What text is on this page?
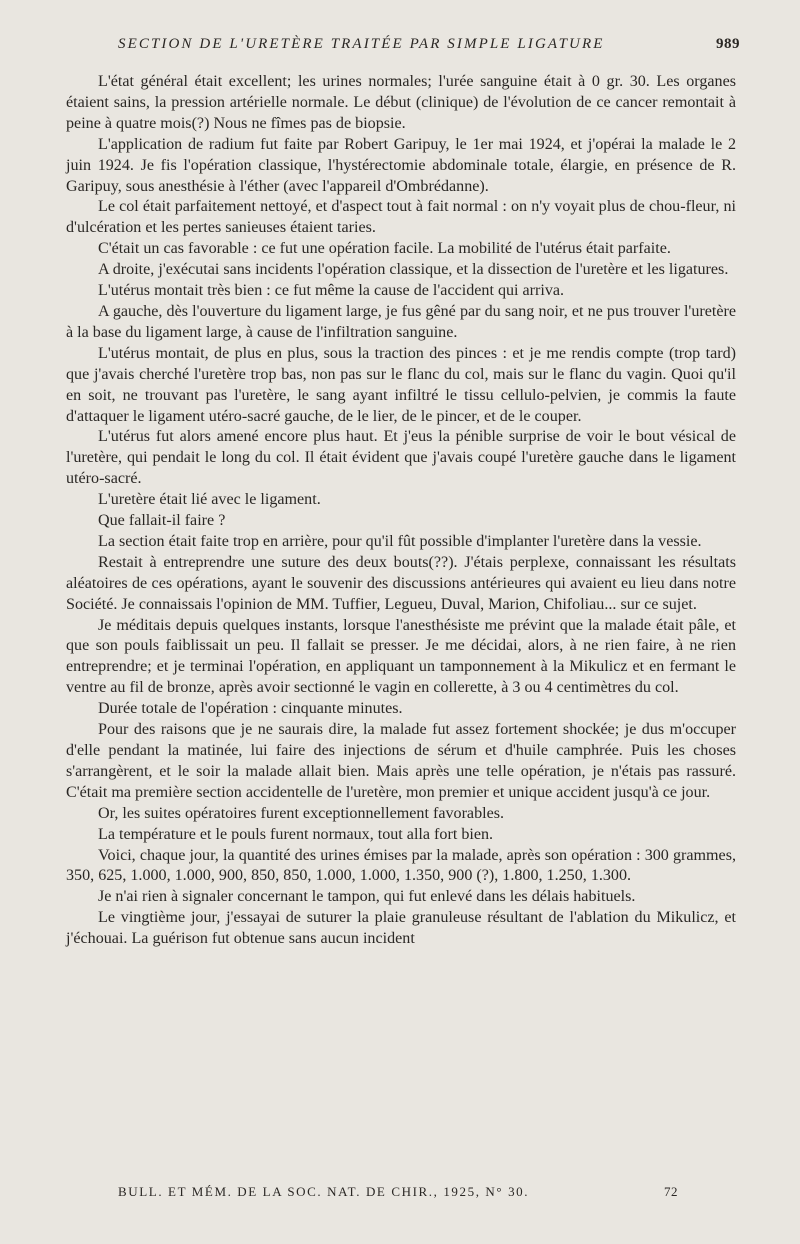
SECTION DE L'URETÈRE TRAITÉE PAR SIMPLE LIGATURE	989

L'état général était excellent; les urines normales; l'urée sanguine était à 0 gr. 30. Les organes étaient sains, la pression artérielle normale. Le début (clinique) de l'évolution de ce cancer remontait à peine à quatre mois(?) Nous ne fîmes pas de biopsie.

L'application de radium fut faite par Robert Garipuy, le 1er mai 1924, et j'opérai la malade le 2 juin 1924. Je fis l'opération classique, l'hystérectomie abdominale totale, élargie, en présence de R. Garipuy, sous anesthésie à l'éther (avec l'appareil d'Ombrédanne).

Le col était parfaitement nettoyé, et d'aspect tout à fait normal : on n'y voyait plus de chou-fleur, ni d'ulcération et les pertes sanieuses étaient taries.

C'était un cas favorable : ce fut une opération facile. La mobilité de l'utérus était parfaite.

A droite, j'exécutai sans incidents l'opération classique, et la dissection de l'uretère et les ligatures.

L'utérus montait très bien : ce fut même la cause de l'accident qui arriva.

A gauche, dès l'ouverture du ligament large, je fus gêné par du sang noir, et ne pus trouver l'uretère à la base du ligament large, à cause de l'infiltration sanguine.

L'utérus montait, de plus en plus, sous la traction des pinces : et je me rendis compte (trop tard) que j'avais cherché l'uretère trop bas, non pas sur le flanc du col, mais sur le flanc du vagin. Quoi qu'il en soit, ne trouvant pas l'uretère, le sang ayant infiltré le tissu cellulo-pelvien, je commis la faute d'attaquer le ligament utéro-sacré gauche, de le lier, de le pincer, et de le couper.

L'utérus fut alors amené encore plus haut. Et j'eus la pénible surprise de voir le bout vésical de l'uretère, qui pendait le long du col. Il était évident que j'avais coupé l'uretère gauche dans le ligament utéro-sacré.

L'uretère était lié avec le ligament.

Que fallait-il faire ?

La section était faite trop en arrière, pour qu'il fût possible d'implanter l'uretère dans la vessie.

Restait à entreprendre une suture des deux bouts(??). J'étais perplexe, connaissant les résultats aléatoires de ces opérations, ayant le souvenir des discussions antérieures qui avaient eu lieu dans notre Société. Je connaissais l'opinion de MM. Tuffier, Legueu, Duval, Marion, Chifoliau... sur ce sujet.

Je méditais depuis quelques instants, lorsque l'anesthésiste me prévint que la malade était pâle, et que son pouls faiblissait un peu. Il fallait se presser. Je me décidai, alors, à ne rien faire, à ne rien entreprendre; et je terminai l'opération, en appliquant un tamponnement à la Mikulicz et en fermant le ventre au fil de bronze, après avoir sectionné le vagin en collerette, à 3 ou 4 centimètres du col.

Durée totale de l'opération : cinquante minutes.

Pour des raisons que je ne saurais dire, la malade fut assez fortement shockée; je dus m'occuper d'elle pendant la matinée, lui faire des injections de sérum et d'huile camphrée. Puis les choses s'arrangèrent, et le soir la malade allait bien. Mais après une telle opération, je n'étais pas rassuré. C'était ma première section accidentelle de l'uretère, mon premier et unique accident jusqu'à ce jour.

Or, les suites opératoires furent exceptionnellement favorables.

La température et le pouls furent normaux, tout alla fort bien.

Voici, chaque jour, la quantité des urines émises par la malade, après son opération : 300 grammes, 350, 625, 1.000, 1.000, 900, 850, 850, 1.000, 1.000, 1.350, 900 (?), 1.800, 1.250, 1.300.

Je n'ai rien à signaler concernant le tampon, qui fut enlevé dans les délais habituels.

Le vingtième jour, j'essayai de suturer la plaie granuleuse résultant de l'ablation du Mikulicz, et j'échouai. La guérison fut obtenue sans aucun incident

BULL. ET MÉM. DE LA SOC. NAT. DE CHIR., 1925, N° 30.	72
